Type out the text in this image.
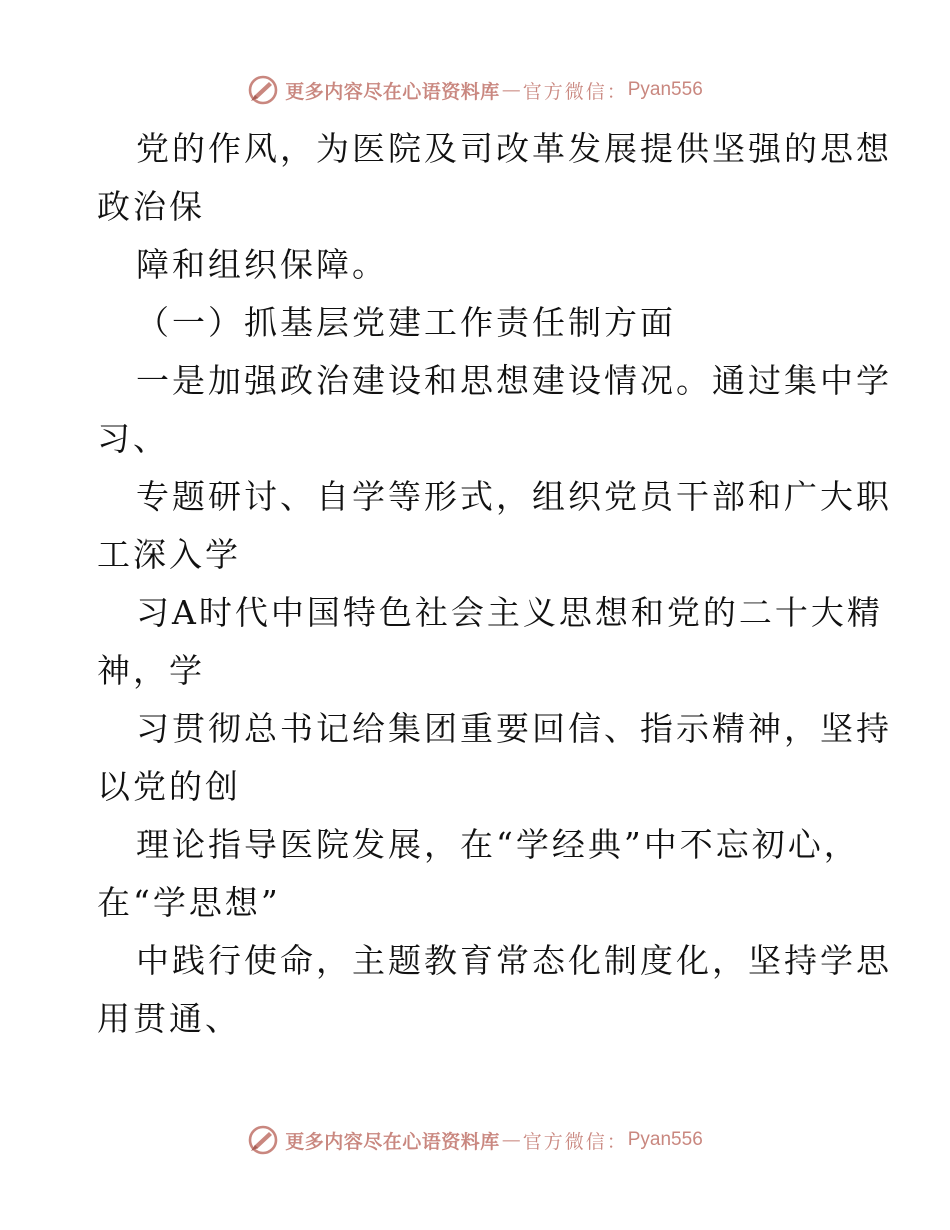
更多内容尽在心语资料库 — 官方微信： Pyan556
党的作风，为医院及司改革发展提供坚强的思想
政治保
障和组织保障。
（一）抓基层党建工作责任制方面
一是加强政治建设和思想建设情况。通过集中学
习、
专题研讨、自学等形式，组织党员干部和广大职
工深入学
习A时代中国特色社会主义思想和党的二十大精
神，学
习贯彻总书记给集团重要回信、指示精神，坚持
以党的创
理论指导医院发展，在“学经典”中不忘初心，
在“学思想”
中践行使命，主题教育常态化制度化，坚持学思
用贯通、
更多内容尽在心语资料库 — 官方微信： Pyan556
